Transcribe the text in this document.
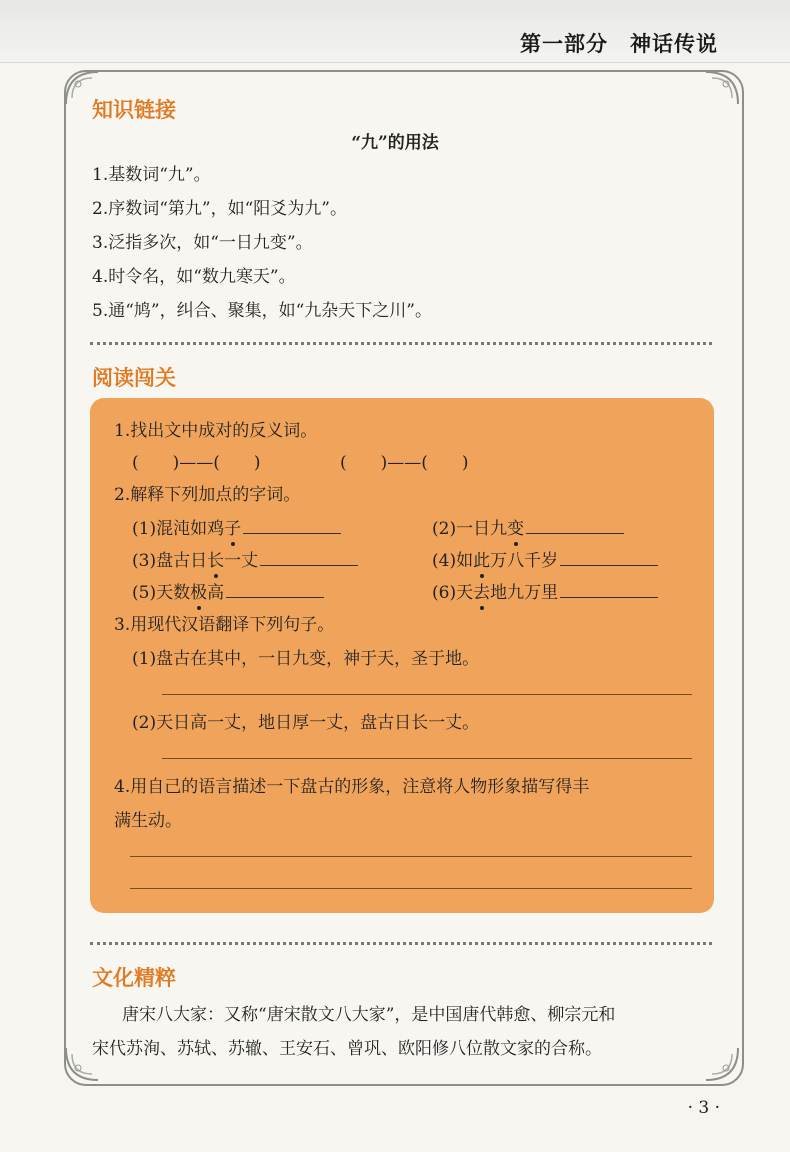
第一部分　神话传说
知识链接
“九”的用法
1.基数词“九”。
2.序数词“第九”，如“阳爻为九”。
3.泛指多次，如“一日九变”。
4.时令名，如“数九寒天”。
5.通“鸠”，纠合、聚集，如“九杂天下之川”。
阅读闯关
1.找出文中成对的反义词。
(　　)——(　　)	(　　)——(　　)
2.解释下列加点的字词。
(1)混沌如鸡子	(2)一日九变
(3)盘古日长一丈	(4)如此万八千岁
(5)天数极高	(6)天去地九万里
3.用现代汉语翻译下列句子。
(1)盘古在其中，一日九变，神于天，圣于地。
(2)天日高一丈，地日厚一丈，盘古日长一丈。
4.用自己的语言描述一下盘古的形象，注意将人物形象描写得丰
满生动。
文化精粹
唐宋八大家：又称“唐宋散文八大家”，是中国唐代韩愈、柳宗元和
宋代苏洵、苏轼、苏辙、王安石、曾巩、欧阳修八位散文家的合称。
· 3 ·
